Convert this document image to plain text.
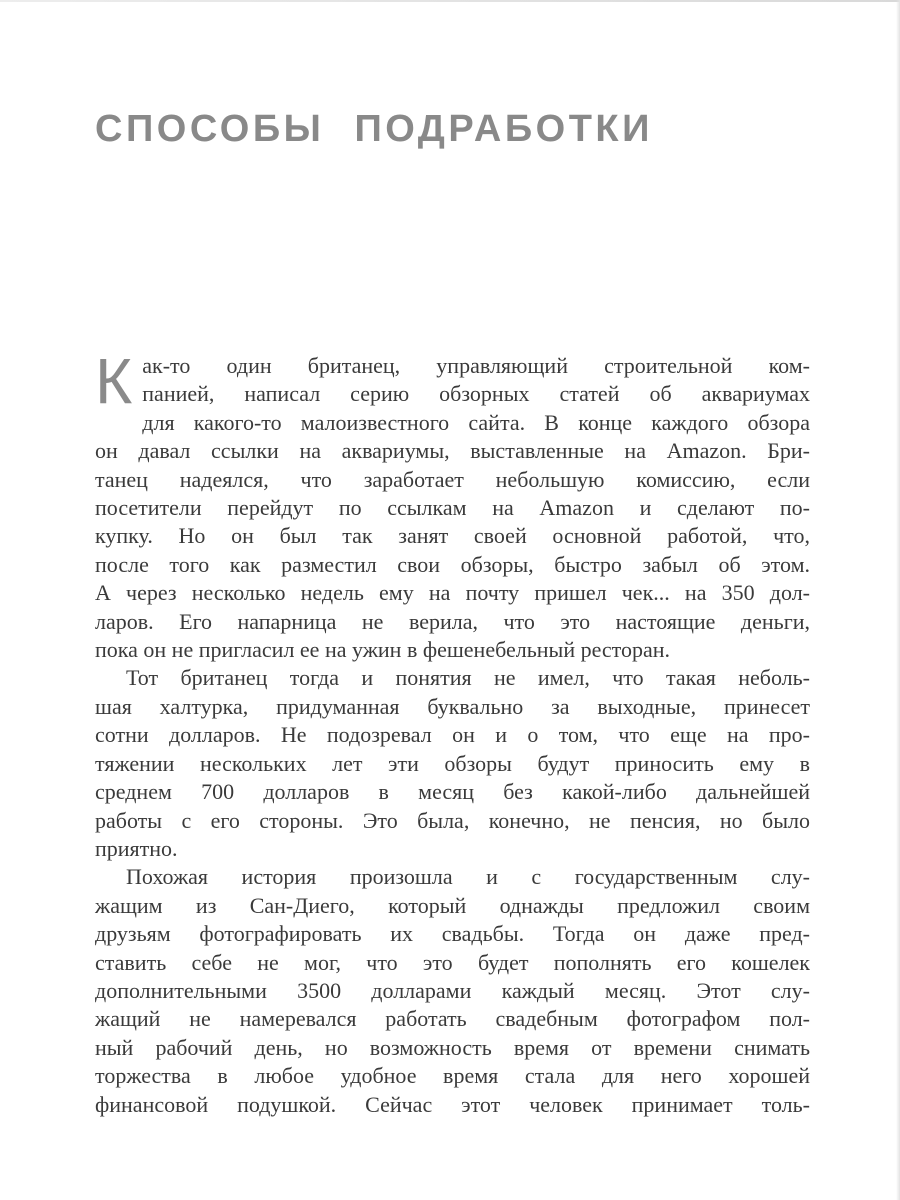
СПОСОБЫ ПОДРАБОТКИ
К ак-то один британец, управляющий строительной ком-
панией, написал серию обзорных статей об аквариумах
для какого-то малоизвестного сайта. В конце каждого обзора
он давал ссылки на аквариумы, выставленные на Amazon. Бри-
танец надеялся, что заработает небольшую комиссию, если
посетители перейдут по ссылкам на Amazon и сделают по-
купку. Но он был так занят своей основной работой, что,
после того как разместил свои обзоры, быстро забыл об этом.
А через несколько недель ему на почту пришел чек... на 350 дол-
ларов. Его напарница не верила, что это настоящие деньги,
пока он не пригласил ее на ужин в фешенебельный ресторан.
Тот британец тогда и понятия не имел, что такая неболь-
шая халтурка, придуманная буквально за выходные, принесет
сотни долларов. Не подозревал он и о том, что еще на про-
тяжении нескольких лет эти обзоры будут приносить ему в
среднем 700 долларов в месяц без какой-либо дальнейшей
работы с его стороны. Это была, конечно, не пенсия, но было
приятно.
Похожая история произошла и с государственным слу-
жащим из Сан-Диего, который однажды предложил своим
друзьям фотографировать их свадьбы. Тогда он даже пред-
ставить себе не мог, что это будет пополнять его кошелек
дополнительными 3500 долларами каждый месяц. Этот слу-
жащий не намеревался работать свадебным фотографом пол-
ный рабочий день, но возможность время от времени снимать
торжества в любое удобное время стала для него хорошей
финансовой подушкой. Сейчас этот человек принимает толь-
